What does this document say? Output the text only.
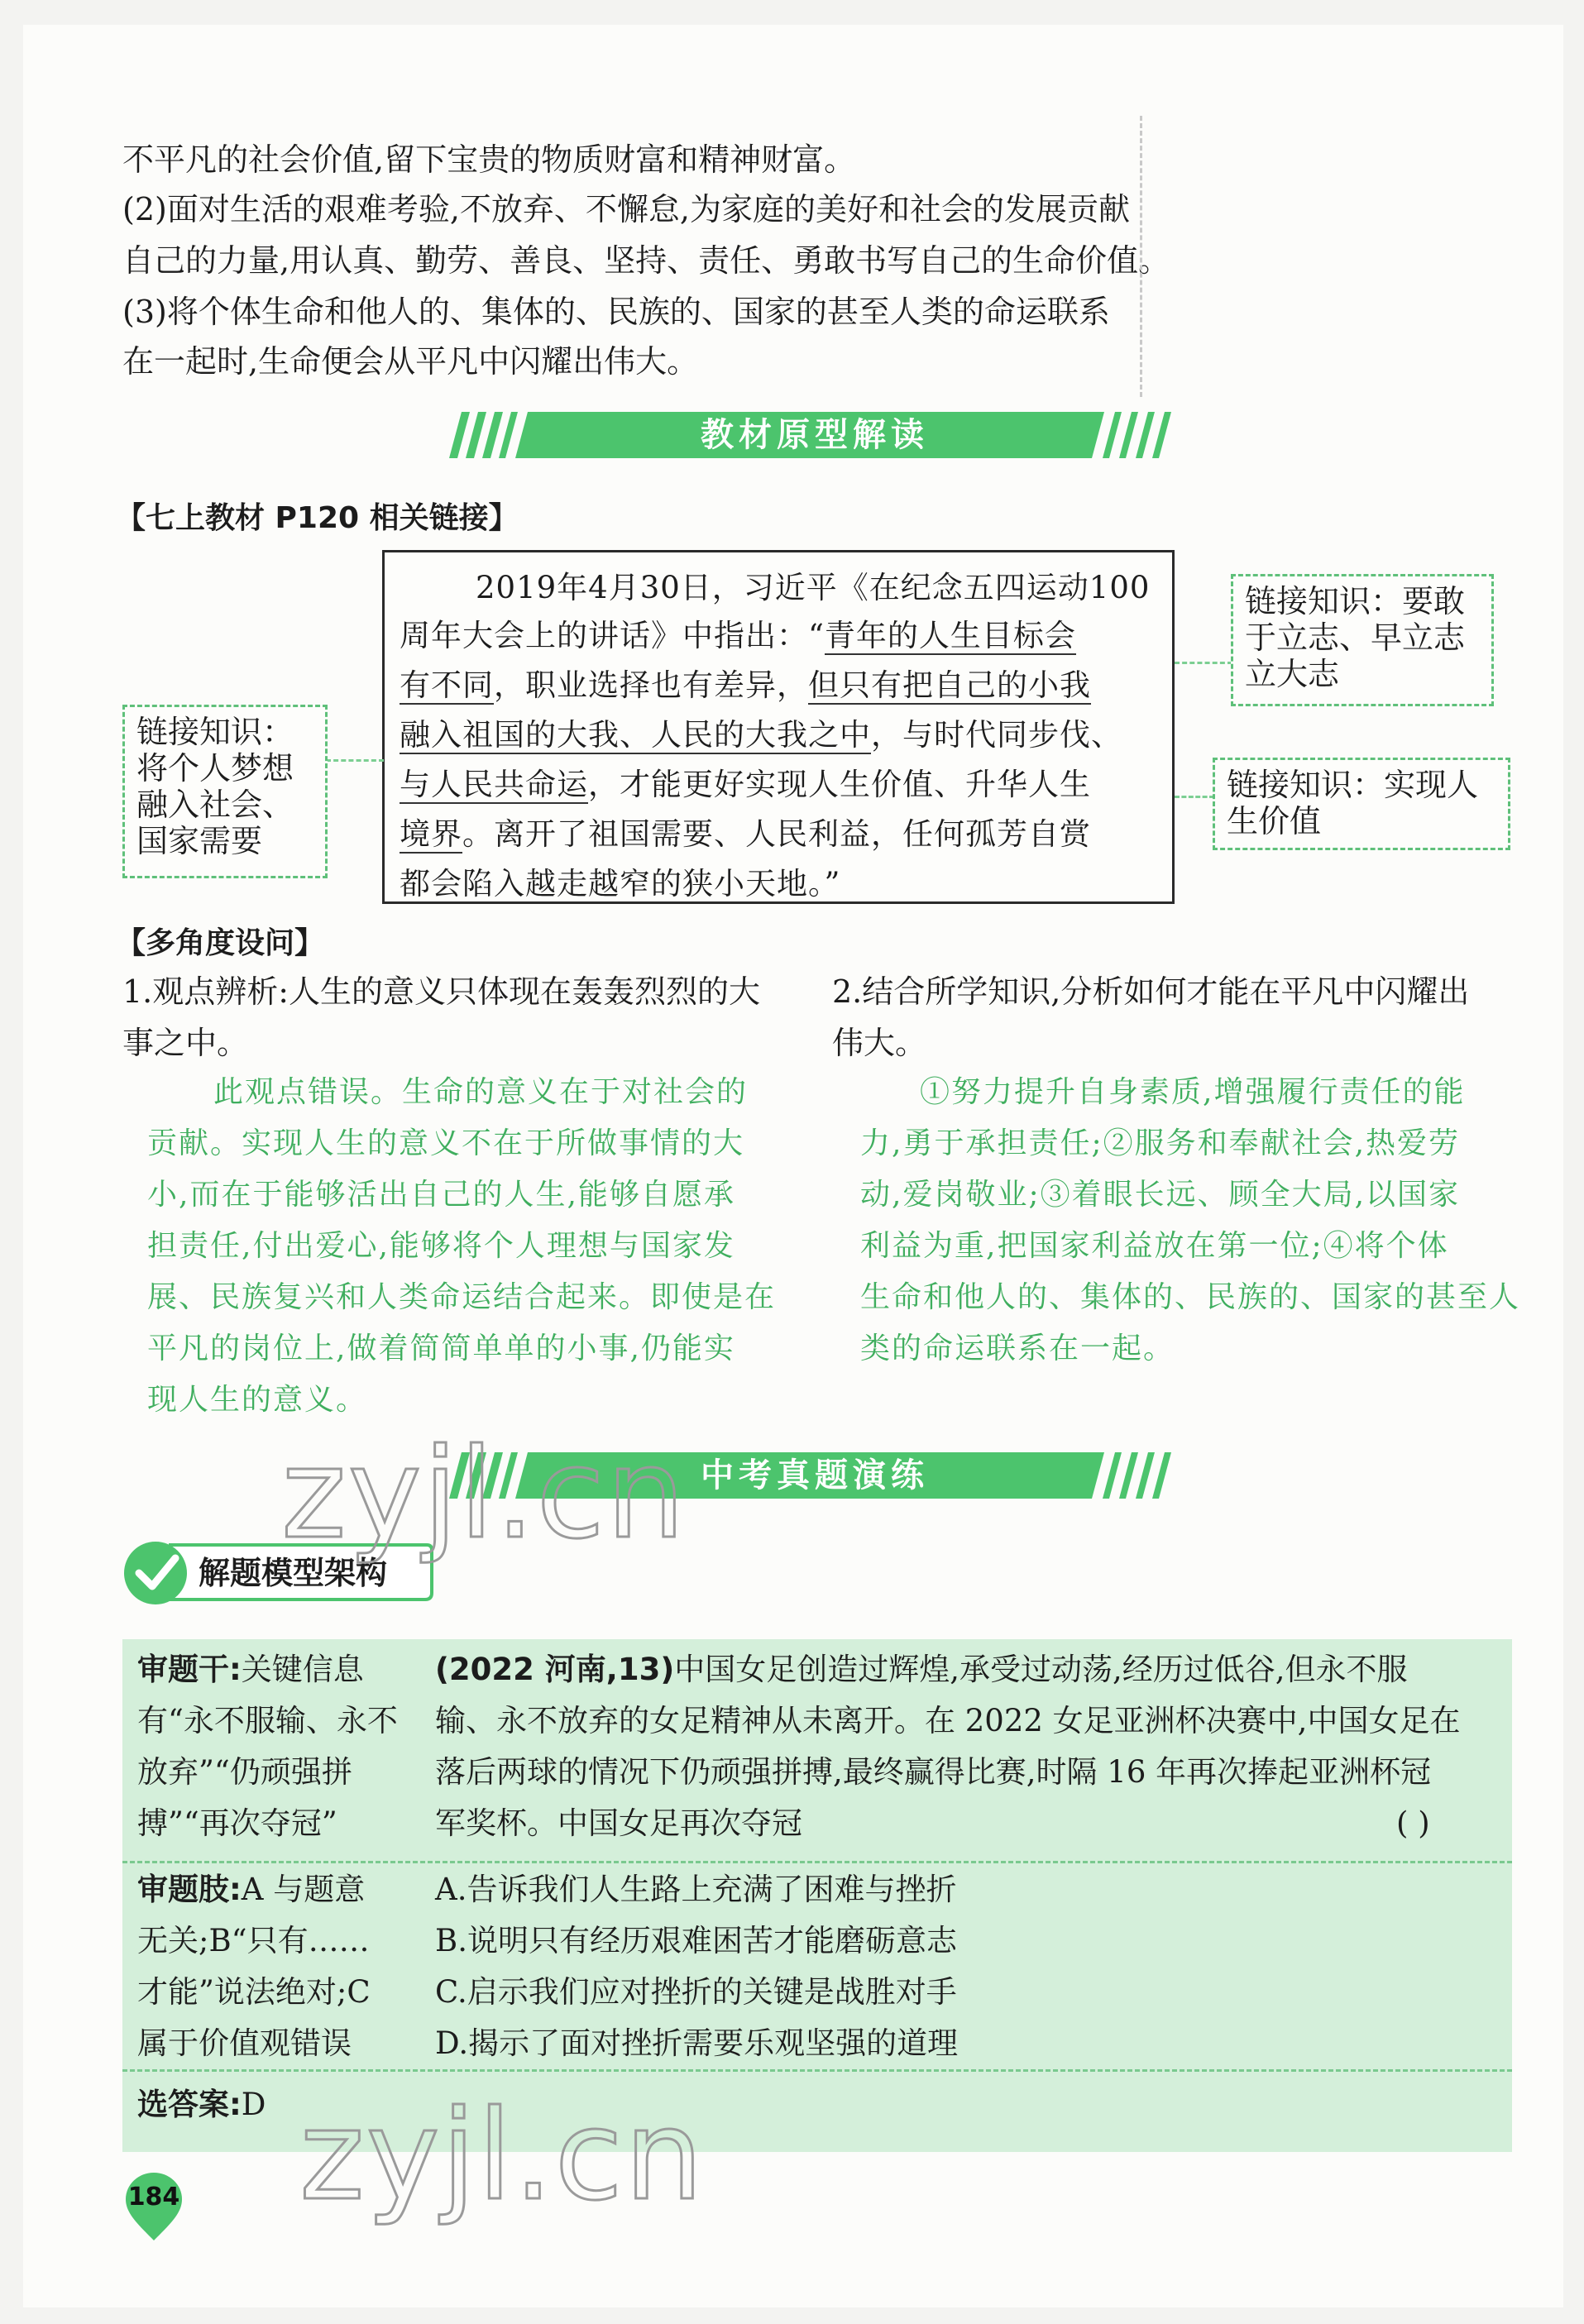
不平凡的社会价值,留下宝贵的物质财富和精神财富。
(2)面对生活的艰难考验,不放弃、不懈怠,为家庭的美好和社会的发展贡献
自己的力量,用认真、勤劳、善良、坚持、责任、勇敢书写自己的生命价值。
(3)将个体生命和他人的、集体的、民族的、国家的甚至人类的命运联系
在一起时,生命便会从平凡中闪耀出伟大。
教材原型解读
【七上教材 P120 相关链接】
2019年4月30日，习近平《在纪念五四运动100
周年大会上的讲话》中指出：“青年的人生目标会
有不同，职业选择也有差异，但只有把自己的小我
融入祖国的大我、人民的大我之中，与时代同步伐、
与人民共命运，才能更好实现人生价值、升华人生
境界。离开了祖国需要、人民利益，任何孤芳自赏
都会陷入越走越窄的狭小天地。”
链接知识：要敢
于立志、早立志
立大志
链接知识：
将个人梦想
融入社会、
国家需要
链接知识：实现人
生价值
【多角度设问】
1.观点辨析:人生的意义只体现在轰轰烈烈的大
事之中。
此观点错误。生命的意义在于对社会的
贡献。实现人生的意义不在于所做事情的大
小,而在于能够活出自己的人生,能够自愿承
担责任,付出爱心,能够将个人理想与国家发
展、民族复兴和人类命运结合起来。即使是在
平凡的岗位上,做着简简单单的小事,仍能实
现人生的意义。
2.结合所学知识,分析如何才能在平凡中闪耀出
伟大。
①努力提升自身素质,增强履行责任的能
力,勇于承担责任;②服务和奉献社会,热爱劳
动,爱岗敬业;③着眼长远、顾全大局,以国家
利益为重,把国家利益放在第一位;④将个体
生命和他人的、集体的、民族的、国家的甚至人
类的命运联系在一起。
中考真题演练
解题模型架构
审题干:关键信息
有“永不服输、永不
放弃”“仍顽强拼
搏”“再次夺冠”
(2022 河南,13)中国女足创造过辉煌,承受过动荡,经历过低谷,但永不服
输、永不放弃的女足精神从未离开。在 2022 女足亚洲杯决赛中,中国女足在
落后两球的情况下仍顽强拼搏,最终赢得比赛,时隔 16 年再次捧起亚洲杯冠
军奖杯。中国女足再次夺冠	( )
审题肢:A 与题意
无关;B“只有……
才能”说法绝对;C
属于价值观错误
A.告诉我们人生路上充满了困难与挫折
B.说明只有经历艰难困苦才能磨砺意志
C.启示我们应对挫折的关键是战胜对手
D.揭示了面对挫折需要乐观坚强的道理
选答案:D
zyjl.cn
zyjl.cn
184
